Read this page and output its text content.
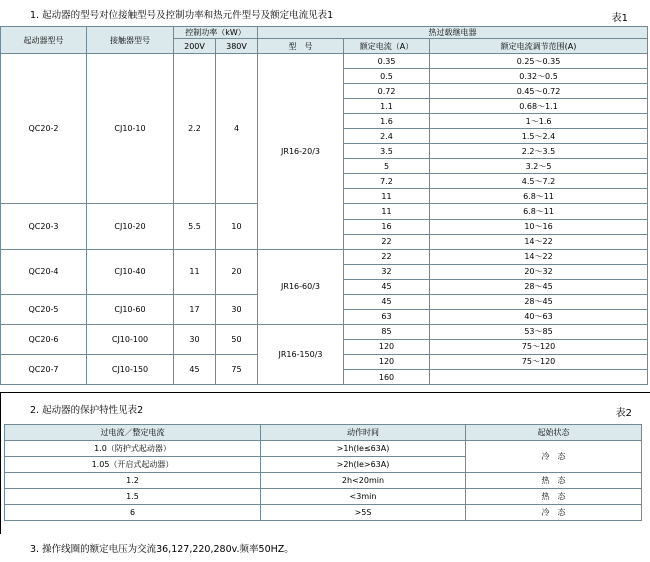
1. 起动器的型号对位接触型号及控制功率和热元件型号及额定电流见表1	表1
起动器型号	接触器型号	控制功率（kW）		热过载继电器		
		200V	380V	型　号	额定电流（A）	额定电流调节范围(A)
QC20-2	CJ10-10	2.2	4	JR16-20/3	0.35	0.25～0.35
					0.5	0.32～0.5
					0.72	0.45～0.72
					1.1	0.68～1.1
					1.6	1～1.6
					2.4	1.5～2.4
					3.5	2.2～3.5
					5	3.2～5
					7.2	4.5～7.2
					11	6.8～11
QC20-3	CJ10-20	5.5	10		11	6.8～11
					16	10～16
					22	14～22
QC20-4	CJ10-40	11	20	JR16-60/3	22	14～22
					32	20～32
					45	28～45
QC20-5	CJ10-60	17	30		45	28～45
					63	40～63
QC20-6	CJ10-100	30	50	JR16-150/3	85	53～85
					120	75～120
QC20-7	CJ10-150	45	75		120	75～120
					160	
2. 起动器的保护特性见表2	表2
过电流／整定电流	动作时间	起始状态
1.0（防护式起动器）	>1h(Ie≤63A)	冷　态
1.05（开启式起动器）	>2h(Ie>63A)	
1.2	2h<20min	热　态
1.5	<3min	热　态
6	>5S	冷　态
3. 操作线圈的额定电压为交流36,127,220,280v.频率50HZ。
